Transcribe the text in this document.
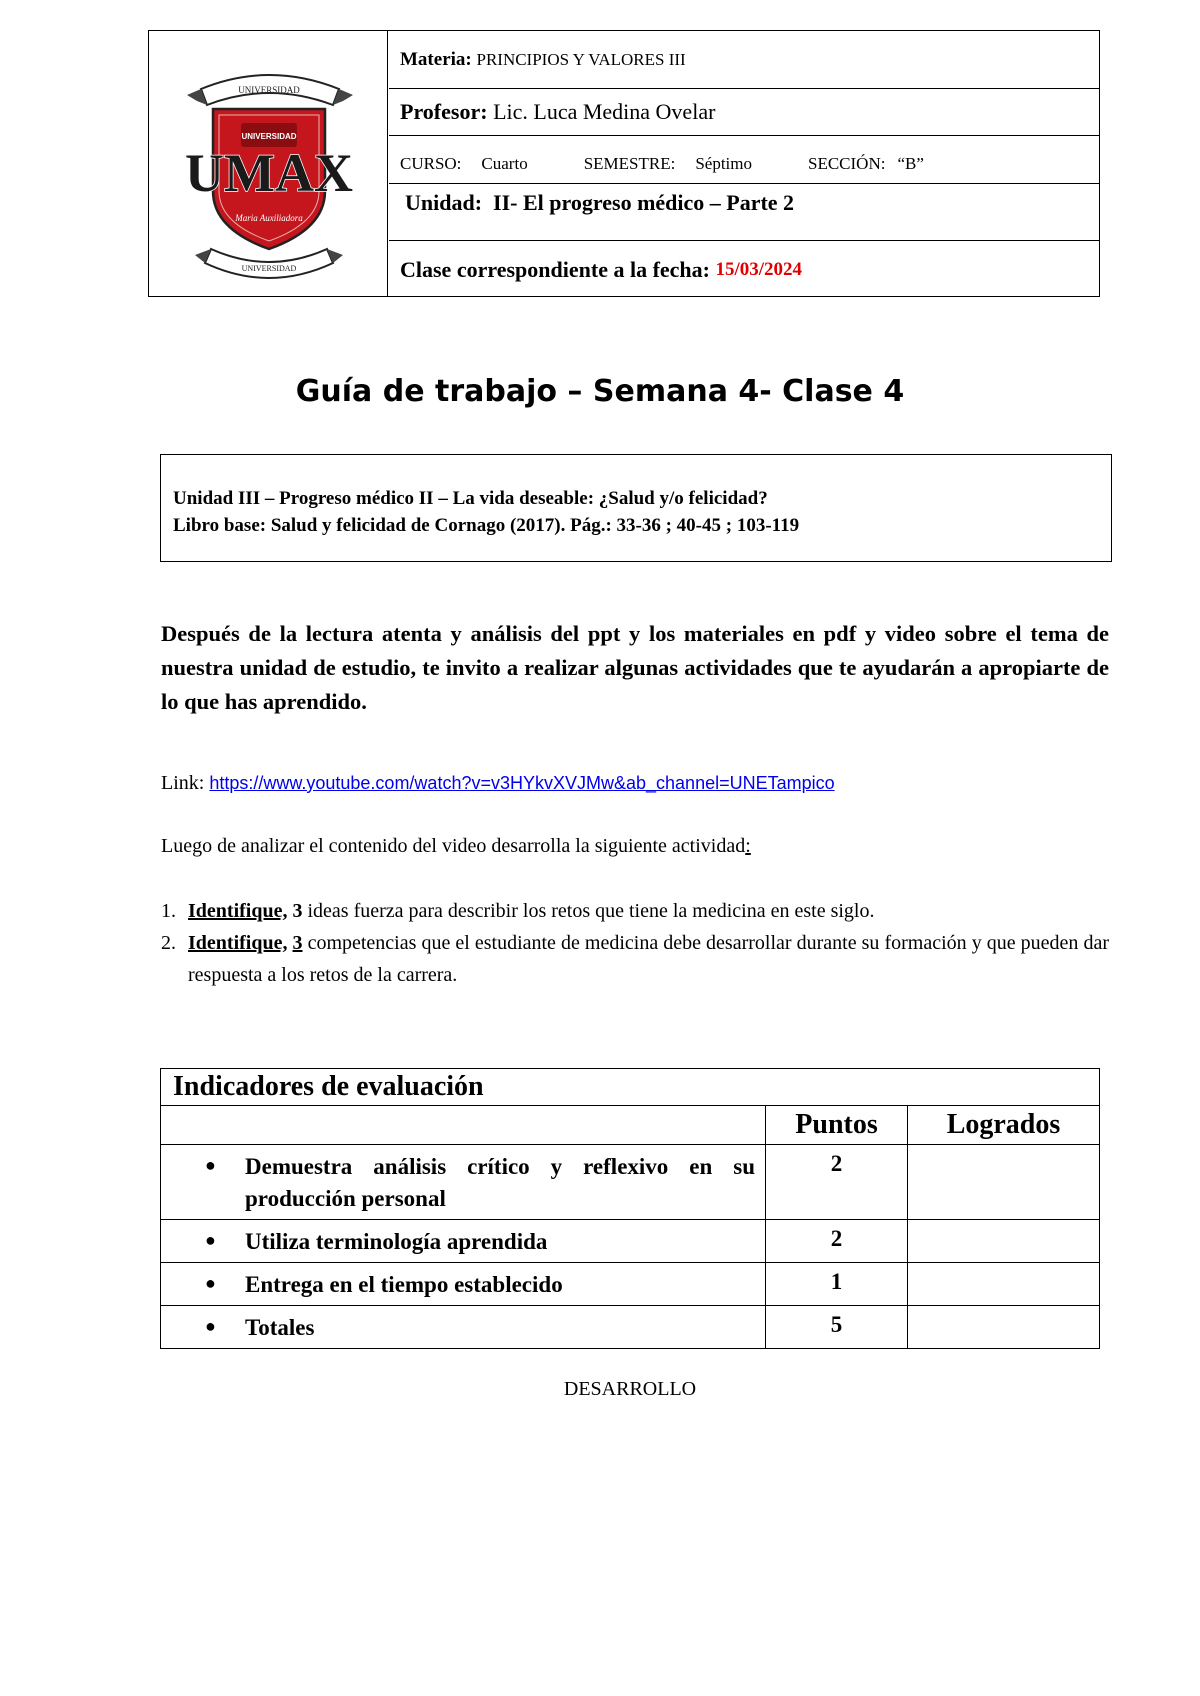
UNIVERSIDAD
UNIVERSIDAD
UMAX
Maria Auxiliadora
UNIVERSIDAD
Materia:
PRINCIPIOS Y VALORES III
Profesor:
Lic. Luca Medina Ovelar
CURSO: Cuarto	SEMESTRE: Séptimo	SECCIÓN: “B”
Unidad:  II- El progreso médico – Parte 2
Clase correspondiente a la fecha:
15/03/2024
Guía de trabajo – Semana 4- Clase 4
Unidad III – Progreso médico II – La vida deseable: ¿Salud y/o felicidad?
Libro base: Salud y felicidad de Cornago (2017). Pág.: 33-36 ; 40-45 ; 103-119
Después de la lectura atenta y análisis del ppt y los materiales en pdf y video sobre el tema de nuestra unidad de estudio, te invito a realizar algunas actividades que te ayudarán a apropiarte de lo que has aprendido.
Link: https://www.youtube.com/watch?v=v3HYkvXVJMw&ab_channel=UNETampico
Luego de analizar el contenido del video desarrolla la siguiente actividad:
1. Identifique, 3 ideas fuerza para describir los retos que tiene la medicina en este siglo.
2. Identifique, 3 competencias que el estudiante de medicina debe desarrollar durante su formación y que pueden dar respuesta a los retos de la carrera.
Indicadores de evaluación		
	Puntos	Logrados

● Demuestra análisis crítico y reflexivo en su producción personal	2	

● Utiliza terminología aprendida	2	

● Entrega en el tiempo establecido	1	

● Totales	5	
DESARROLLO
